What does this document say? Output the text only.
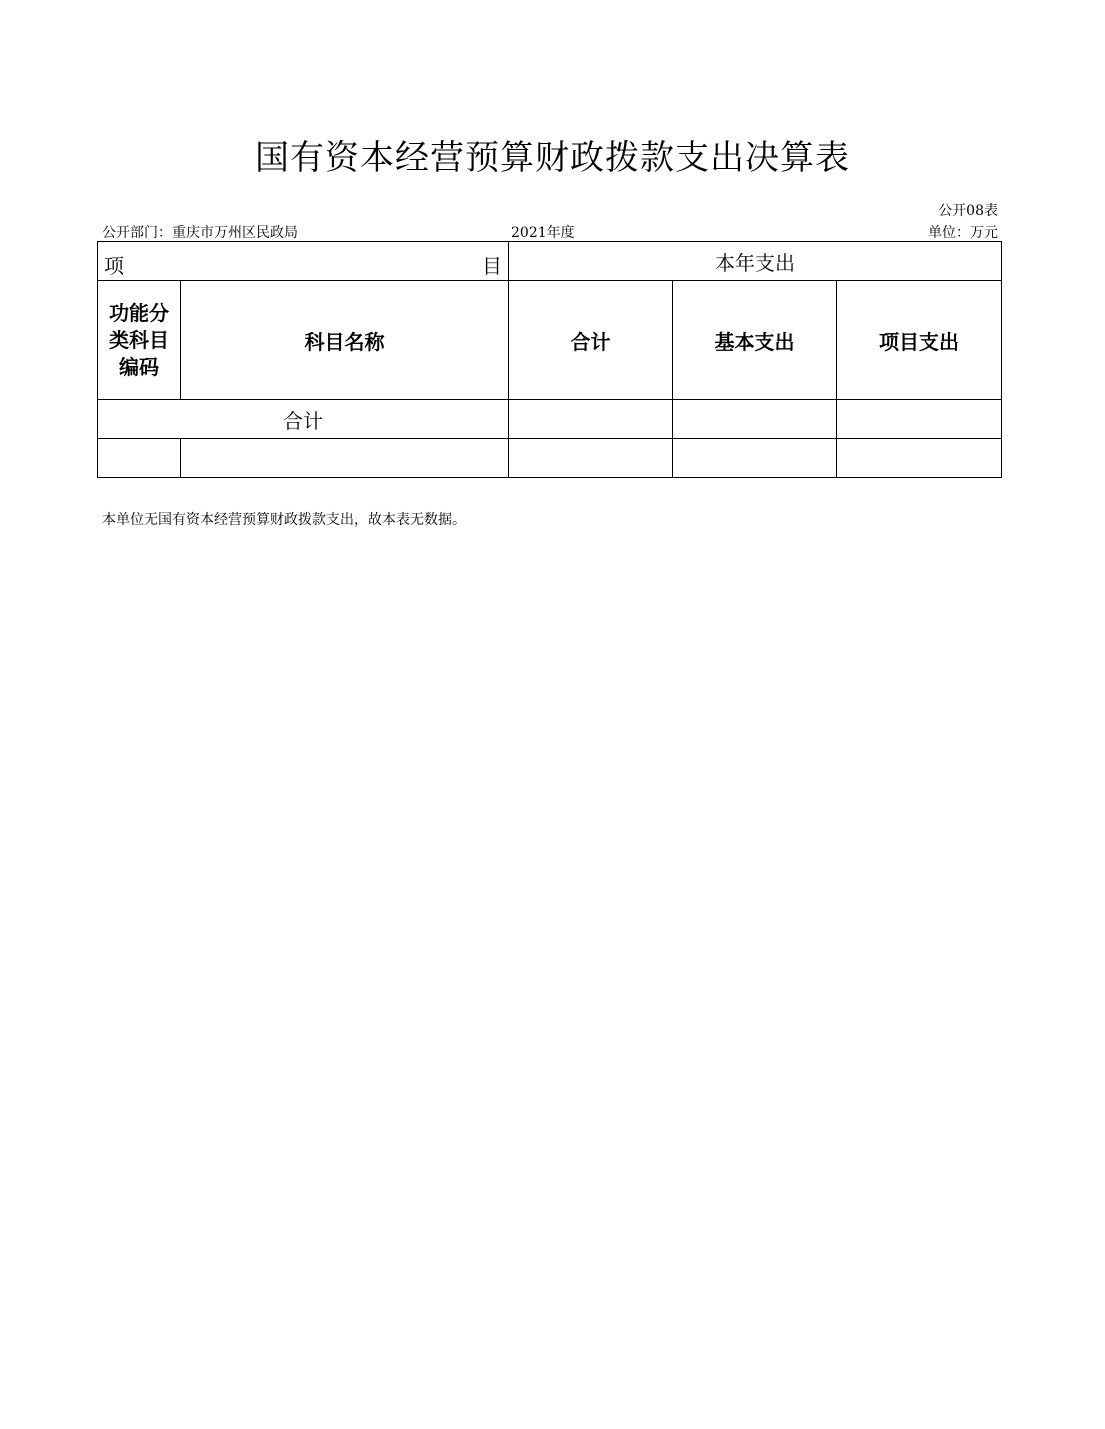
国有资本经营预算财政拨款支出决算表
公开08表
公开部门：重庆市万州区民政局	2021年度	单位：万元
项 目		本年支出		

功能分
类科目
编码	科目名称	合计	基本支出	项目支出
合计				

本单位无国有资本经营预算财政拨款支出，故本表无数据。
